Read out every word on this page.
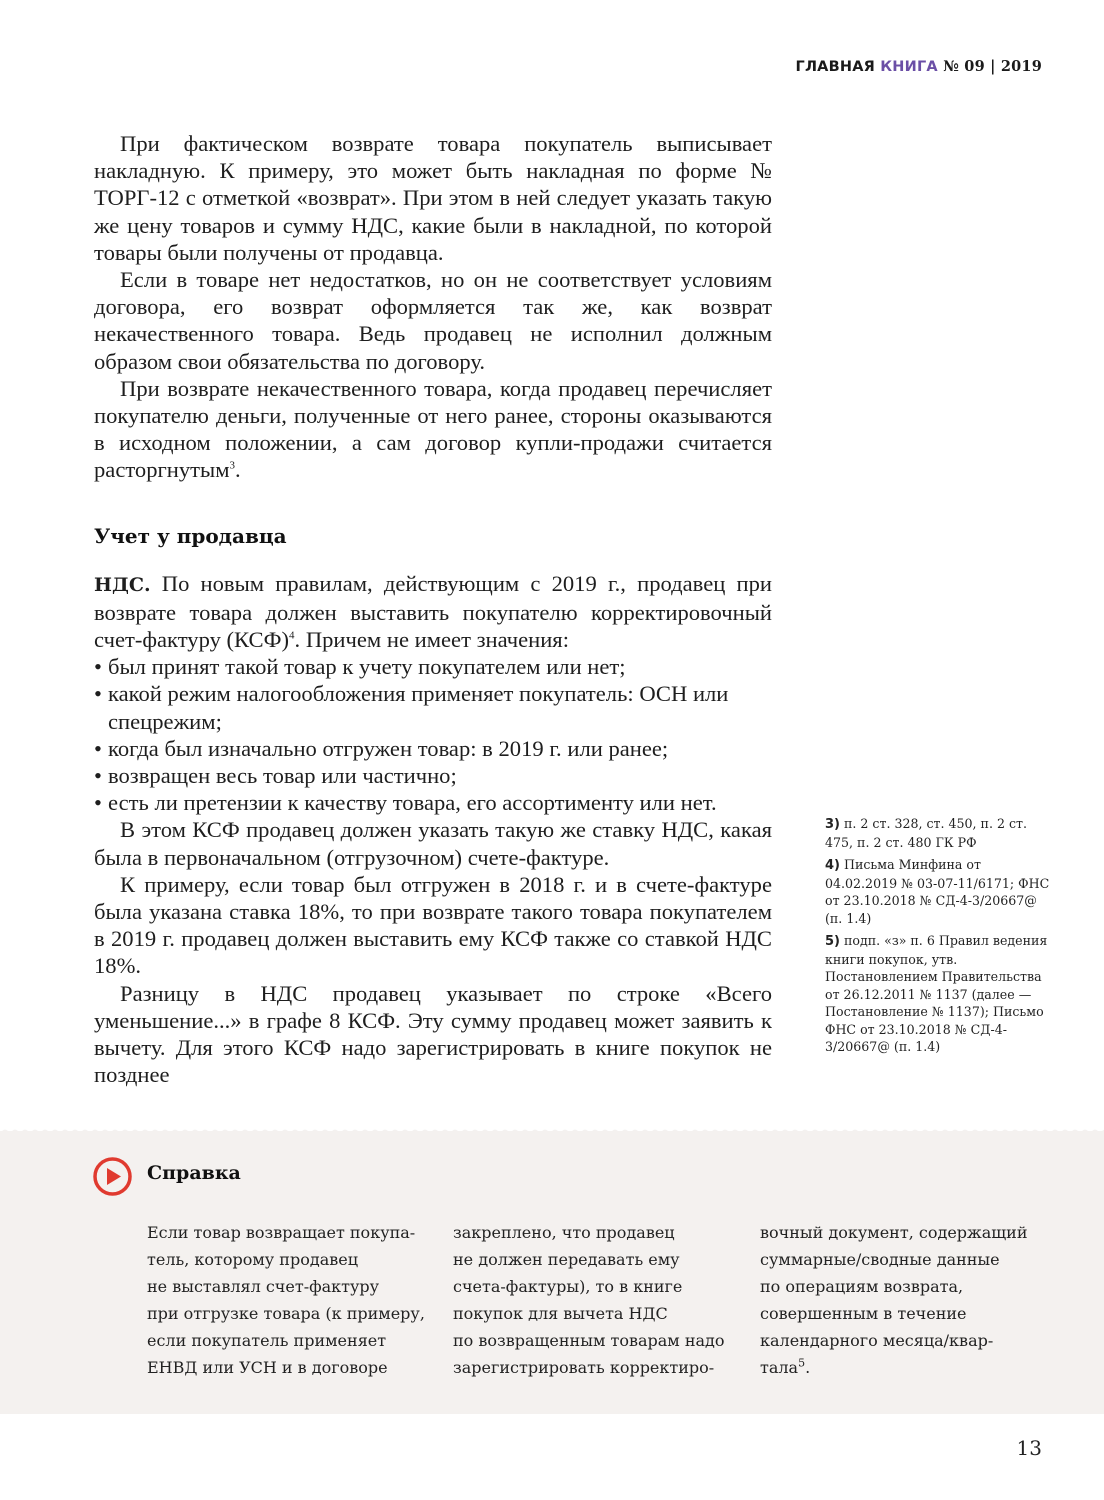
ГЛАВНАЯ КНИГА № 09 | 2019

При фактическом возврате товара покупатель выписывает накладную. К примеру, это может быть накладная по форме № ТОРГ-12 с отметкой «возврат». При этом в ней следует указать такую же цену товаров и сумму НДС, какие были в накладной, по которой товары были получены от продавца.

Если в товаре нет недостатков, но он не соответствует условиям договора, его возврат оформляется так же, как возврат некачественного товара. Ведь продавец не исполнил должным образом свои обязательства по договору.

При возврате некачественного товара, когда продавец перечисляет покупателю деньги, полученные от него ранее, стороны оказываются в исходном положении, а сам договор купли-продажи считается расторгнутым$^3$.

Учет у продавца

НДС. По новым правилам, действующим с 2019 г., продавец при возврате товара должен выставить покупателю корректировочный счет-фактуру (КСФ)$^4$. Причем не имеет значения:

• был принят такой товар к учету покупателем или нет;
• какой режим налогообложения применяет покупатель: ОСН или спецрежим;
• когда был изначально отгружен товар: в 2019 г. или ранее;
• возвращен весь товар или частично;
• есть ли претензии к качеству товара, его ассортименту или нет.

В этом КСФ продавец должен указать такую же ставку НДС, какая была в первоначальном (отгрузочном) счете-фактуре.

К примеру, если товар был отгружен в 2018 г. и в счете-фактуре была указана ставка 18%, то при возврате такого товара покупателем в 2019 г. продавец должен выставить ему КСФ также со ставкой НДС 18%.

Разницу в НДС продавец указывает по строке «Всего уменьшение...» в графе 8 КСФ. Эту сумму продавец может заявить к вычету. Для этого КСФ надо зарегистрировать в книге покупок не позднее

3) п. 2 ст. 328, ст. 450, п. 2 ст. 475, п. 2 ст. 480 ГК РФ
4) Письма Минфина от 04.02.2019 № 03-07-11/6171; ФНС от 23.10.2018 № СД-4-3/20667@ (п. 1.4)
5) подп. «з» п. 6 Правил ведения книги покупок, утв. Постановлением Правительства от 26.12.2011 № 1137 (далее — Постановление № 1137); Письмо ФНС от 23.10.2018 № СД-4-3/20667@ (п. 1.4)
Справка
Если товар возвращает покупа-
тель, которому продавец
не выставлял счет-фактуру
при отгрузке товара (к примеру,
если покупатель применяет
ЕНВД или УСН и в договоре
закреплено, что продавец
не должен передавать ему
счета-фактуры), то в книге
покупок для вычета НДС
по возвращенным товарам надо
зарегистрировать корректиро-
вочный документ, содержащий
суммарные/сводные данные
по операциям возврата,
совершенным в течение
календарного месяца/квар-
тала$^5$.
13
